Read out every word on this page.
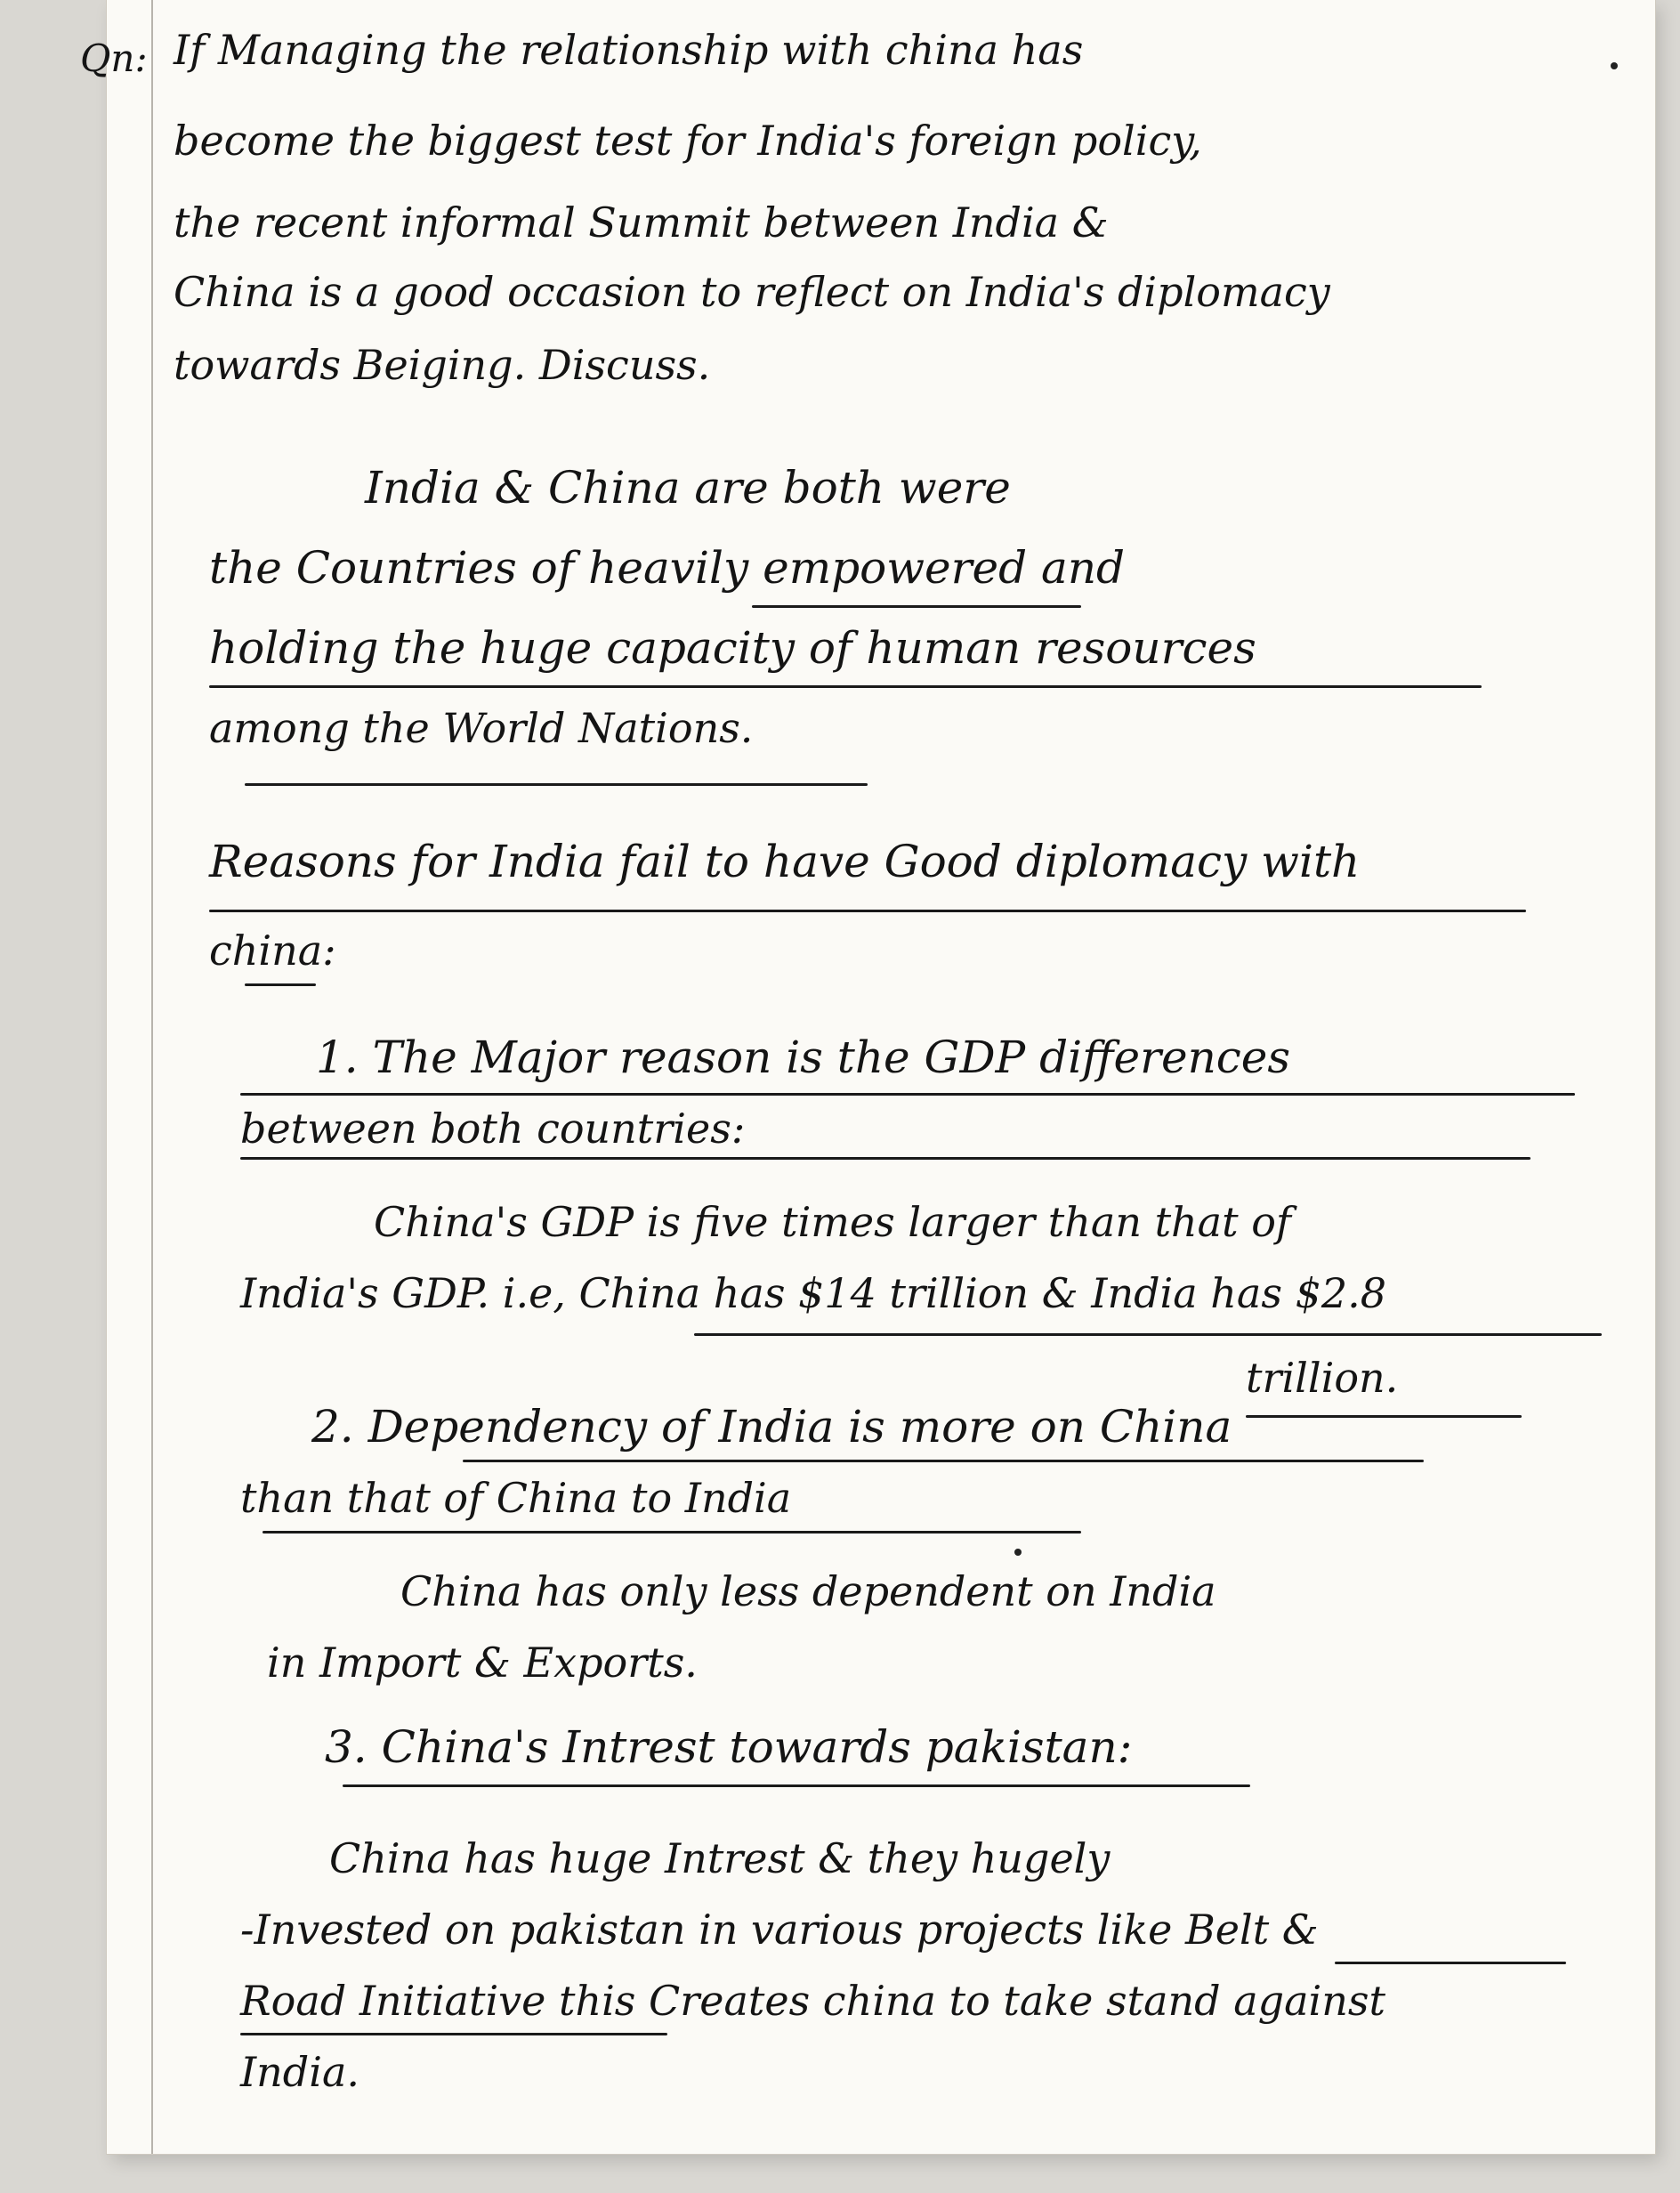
Qn: If Managing the relationship with china has
become the biggest test for India's foreign policy,
the recent informal Summit between India &
China is a good occasion to reflect on India's diplomacy
towards Beiging. Discuss.
India & China are both were
the Countries of heavily empowered and
holding the huge capacity of human resources
among the World Nations.
Reasons for India fail to have Good diplomacy with
china:
1. The Major reason is the GDP differences
between both countries:
China's GDP is five times larger than that of
India's GDP. i.e, China has $14 trillion & India has $2.8
trillion.
2. Dependency of India is more on China
than that of China to India
China has only less dependent on India
in Import & Exports.
3. China's Intrest towards pakistan:
China has huge Intrest & they hugely
-Invested on pakistan in various projects like Belt &
Road Initiative this Creates china to take stand against
India.
